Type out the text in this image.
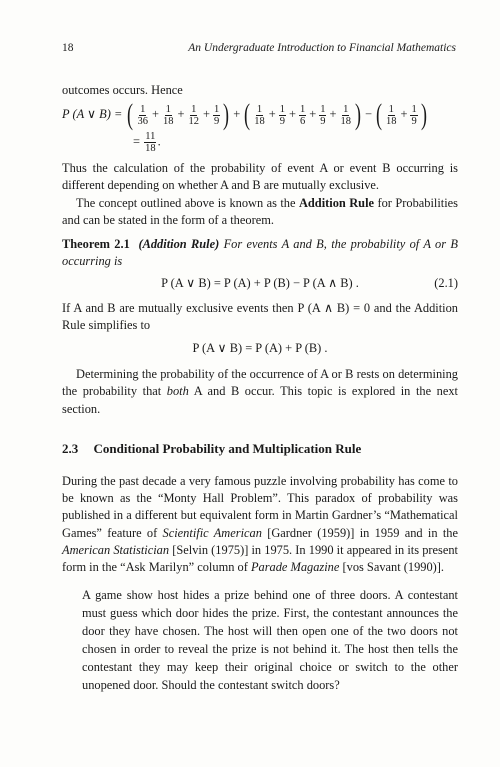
18	An Undergraduate Introduction to Financial Mathematics

outcomes occurs. Hence

P (A ∨ B) = ( $\frac{1}{36} + \frac{1}{18} + \frac{1}{12} + \frac{1}{9}$ ) + ( $\frac{1}{18} + \frac{1}{9} + \frac{1}{6} + \frac{1}{9} + \frac{1}{18}$ ) − ( $\frac{1}{18} + \frac{1}{9}$ )
= $\frac{11}{18}$ .

Thus the calculation of the probability of event A or event B occurring is different depending on whether A and B are mutually exclusive.

The concept outlined above is known as the Addition Rule for Probabilities and can be stated in the form of a theorem.

Theorem 2.1 (Addition Rule) For events A and B, the probability of A or B occurring is

P (A ∨ B) = P (A) + P (B) − P (A ∧ B) .	(2.1)

If A and B are mutually exclusive events then P (A ∧ B) = 0 and the Addition Rule simplifies to

P (A ∨ B) = P (A) + P (B) .

Determining the probability of the occurrence of A or B rests on determining the probability that both A and B occur. This topic is explored in the next section.

2.3 Conditional Probability and Multiplication Rule

During the past decade a very famous puzzle involving probability has come to be known as the “Monty Hall Problem”. This paradox of probability was published in a different but equivalent form in Martin Gardner’s “Mathematical Games” feature of Scientific American [Gardner (1959)] in 1959 and in the American Statistician [Selvin (1975)] in 1975. In 1990 it appeared in its present form in the “Ask Marilyn” column of Parade Magazine [vos Savant (1990)].

A game show host hides a prize behind one of three doors. A contestant must guess which door hides the prize. First, the contestant announces the door they have chosen. The host will then open one of the two doors not chosen in order to reveal the prize is not behind it. The host then tells the contestant they may keep their original choice or switch to the other unopened door. Should the contestant switch doors?
